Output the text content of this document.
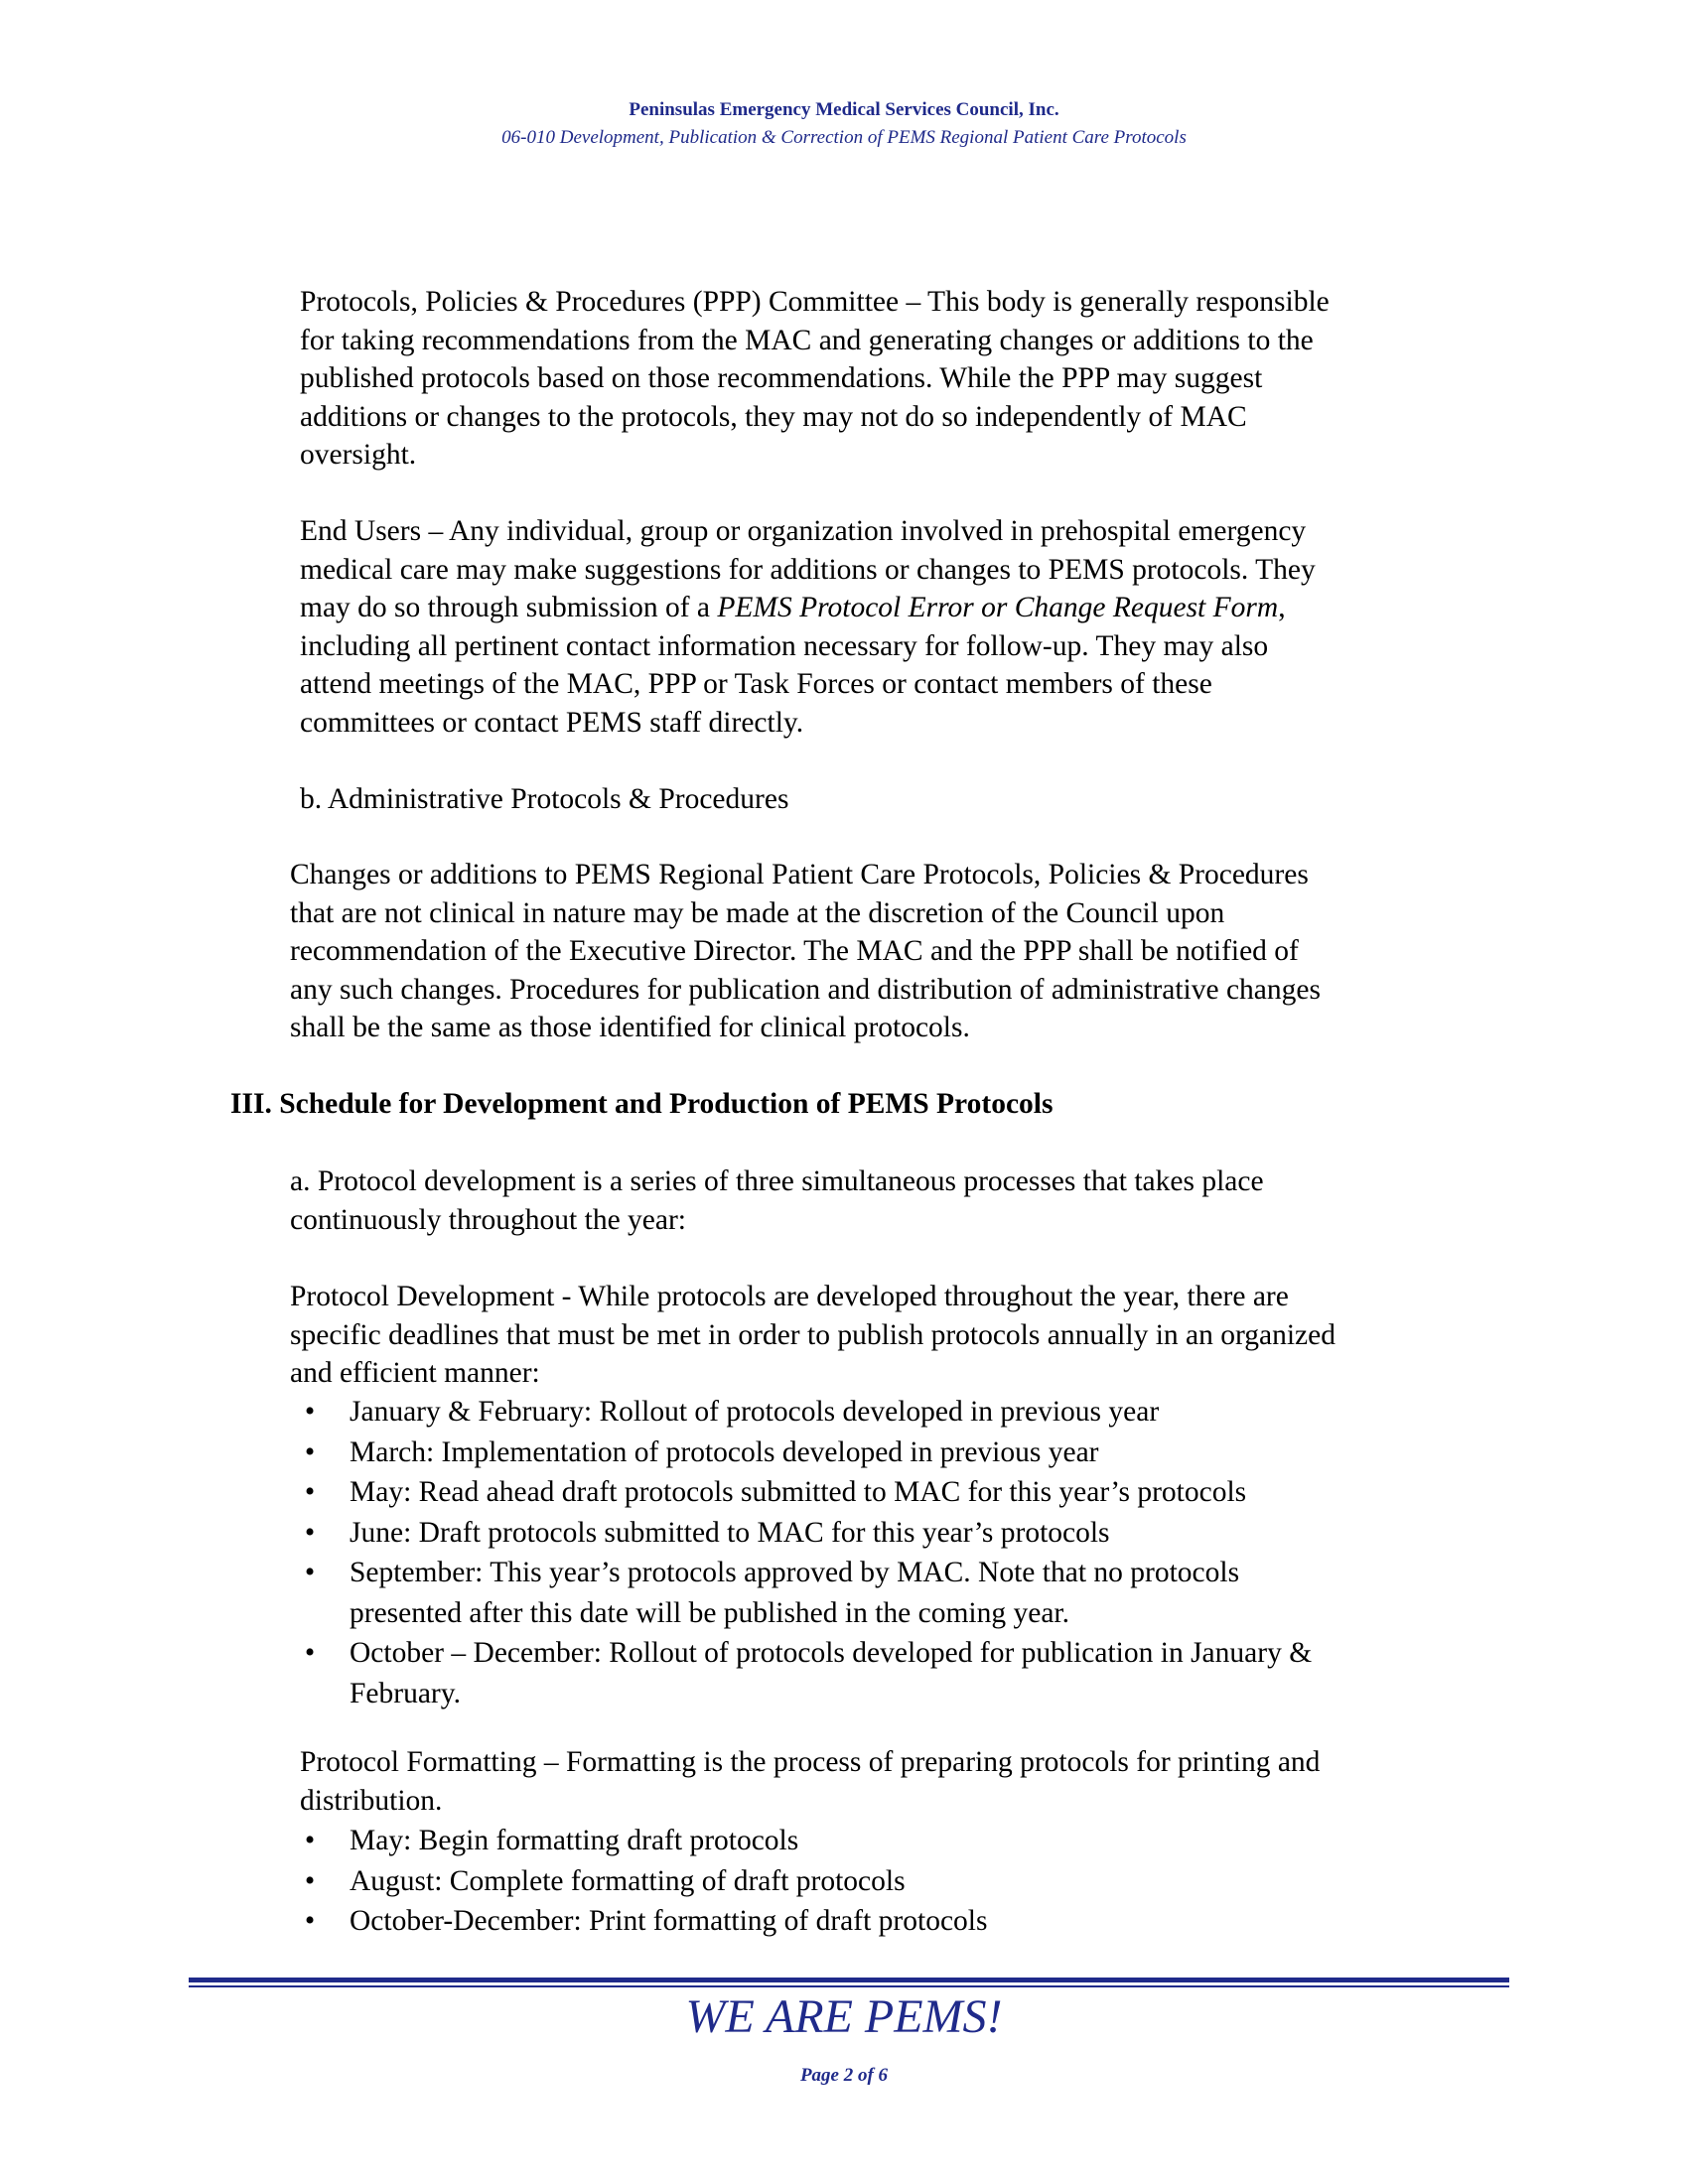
Peninsulas Emergency Medical Services Council, Inc.
06-010 Development, Publication & Correction of PEMS Regional Patient Care Protocols
Protocols, Policies & Procedures (PPP) Committee – This body is generally responsible
for taking recommendations from the MAC and generating changes or additions to the
published protocols based on those recommendations. While the PPP may suggest
additions or changes to the protocols, they may not do so independently of MAC
oversight.
End Users – Any individual, group or organization involved in prehospital emergency
medical care may make suggestions for additions or changes to PEMS protocols. They
may do so through submission of a PEMS Protocol Error or Change Request Form,
including all pertinent contact information necessary for follow-up. They may also
attend meetings of the MAC, PPP or Task Forces or contact members of these
committees or contact PEMS staff directly.
b. Administrative Protocols & Procedures
Changes or additions to PEMS Regional Patient Care Protocols, Policies & Procedures
that are not clinical in nature may be made at the discretion of the Council upon
recommendation of the Executive Director. The MAC and the PPP shall be notified of
any such changes. Procedures for publication and distribution of administrative changes
shall be the same as those identified for clinical protocols.
III. Schedule for Development and Production of PEMS Protocols
a. Protocol development is a series of three simultaneous processes that takes place
continuously throughout the year:
Protocol Development - While protocols are developed throughout the year, there are
specific deadlines that must be met in order to publish protocols annually in an organized
and efficient manner:
• January & February: Rollout of protocols developed in previous year
• March: Implementation of protocols developed in previous year
• May: Read ahead draft protocols submitted to MAC for this year’s protocols
• June: Draft protocols submitted to MAC for this year’s protocols
• September: This year’s protocols approved by MAC. Note that no protocols
presented after this date will be published in the coming year.
• October – December: Rollout of protocols developed for publication in January &
February.
Protocol Formatting – Formatting is the process of preparing protocols for printing and
distribution.
• May: Begin formatting draft protocols
• August: Complete formatting of draft protocols
• October-December: Print formatting of draft protocols
WE ARE PEMS!
Page 2 of 6
